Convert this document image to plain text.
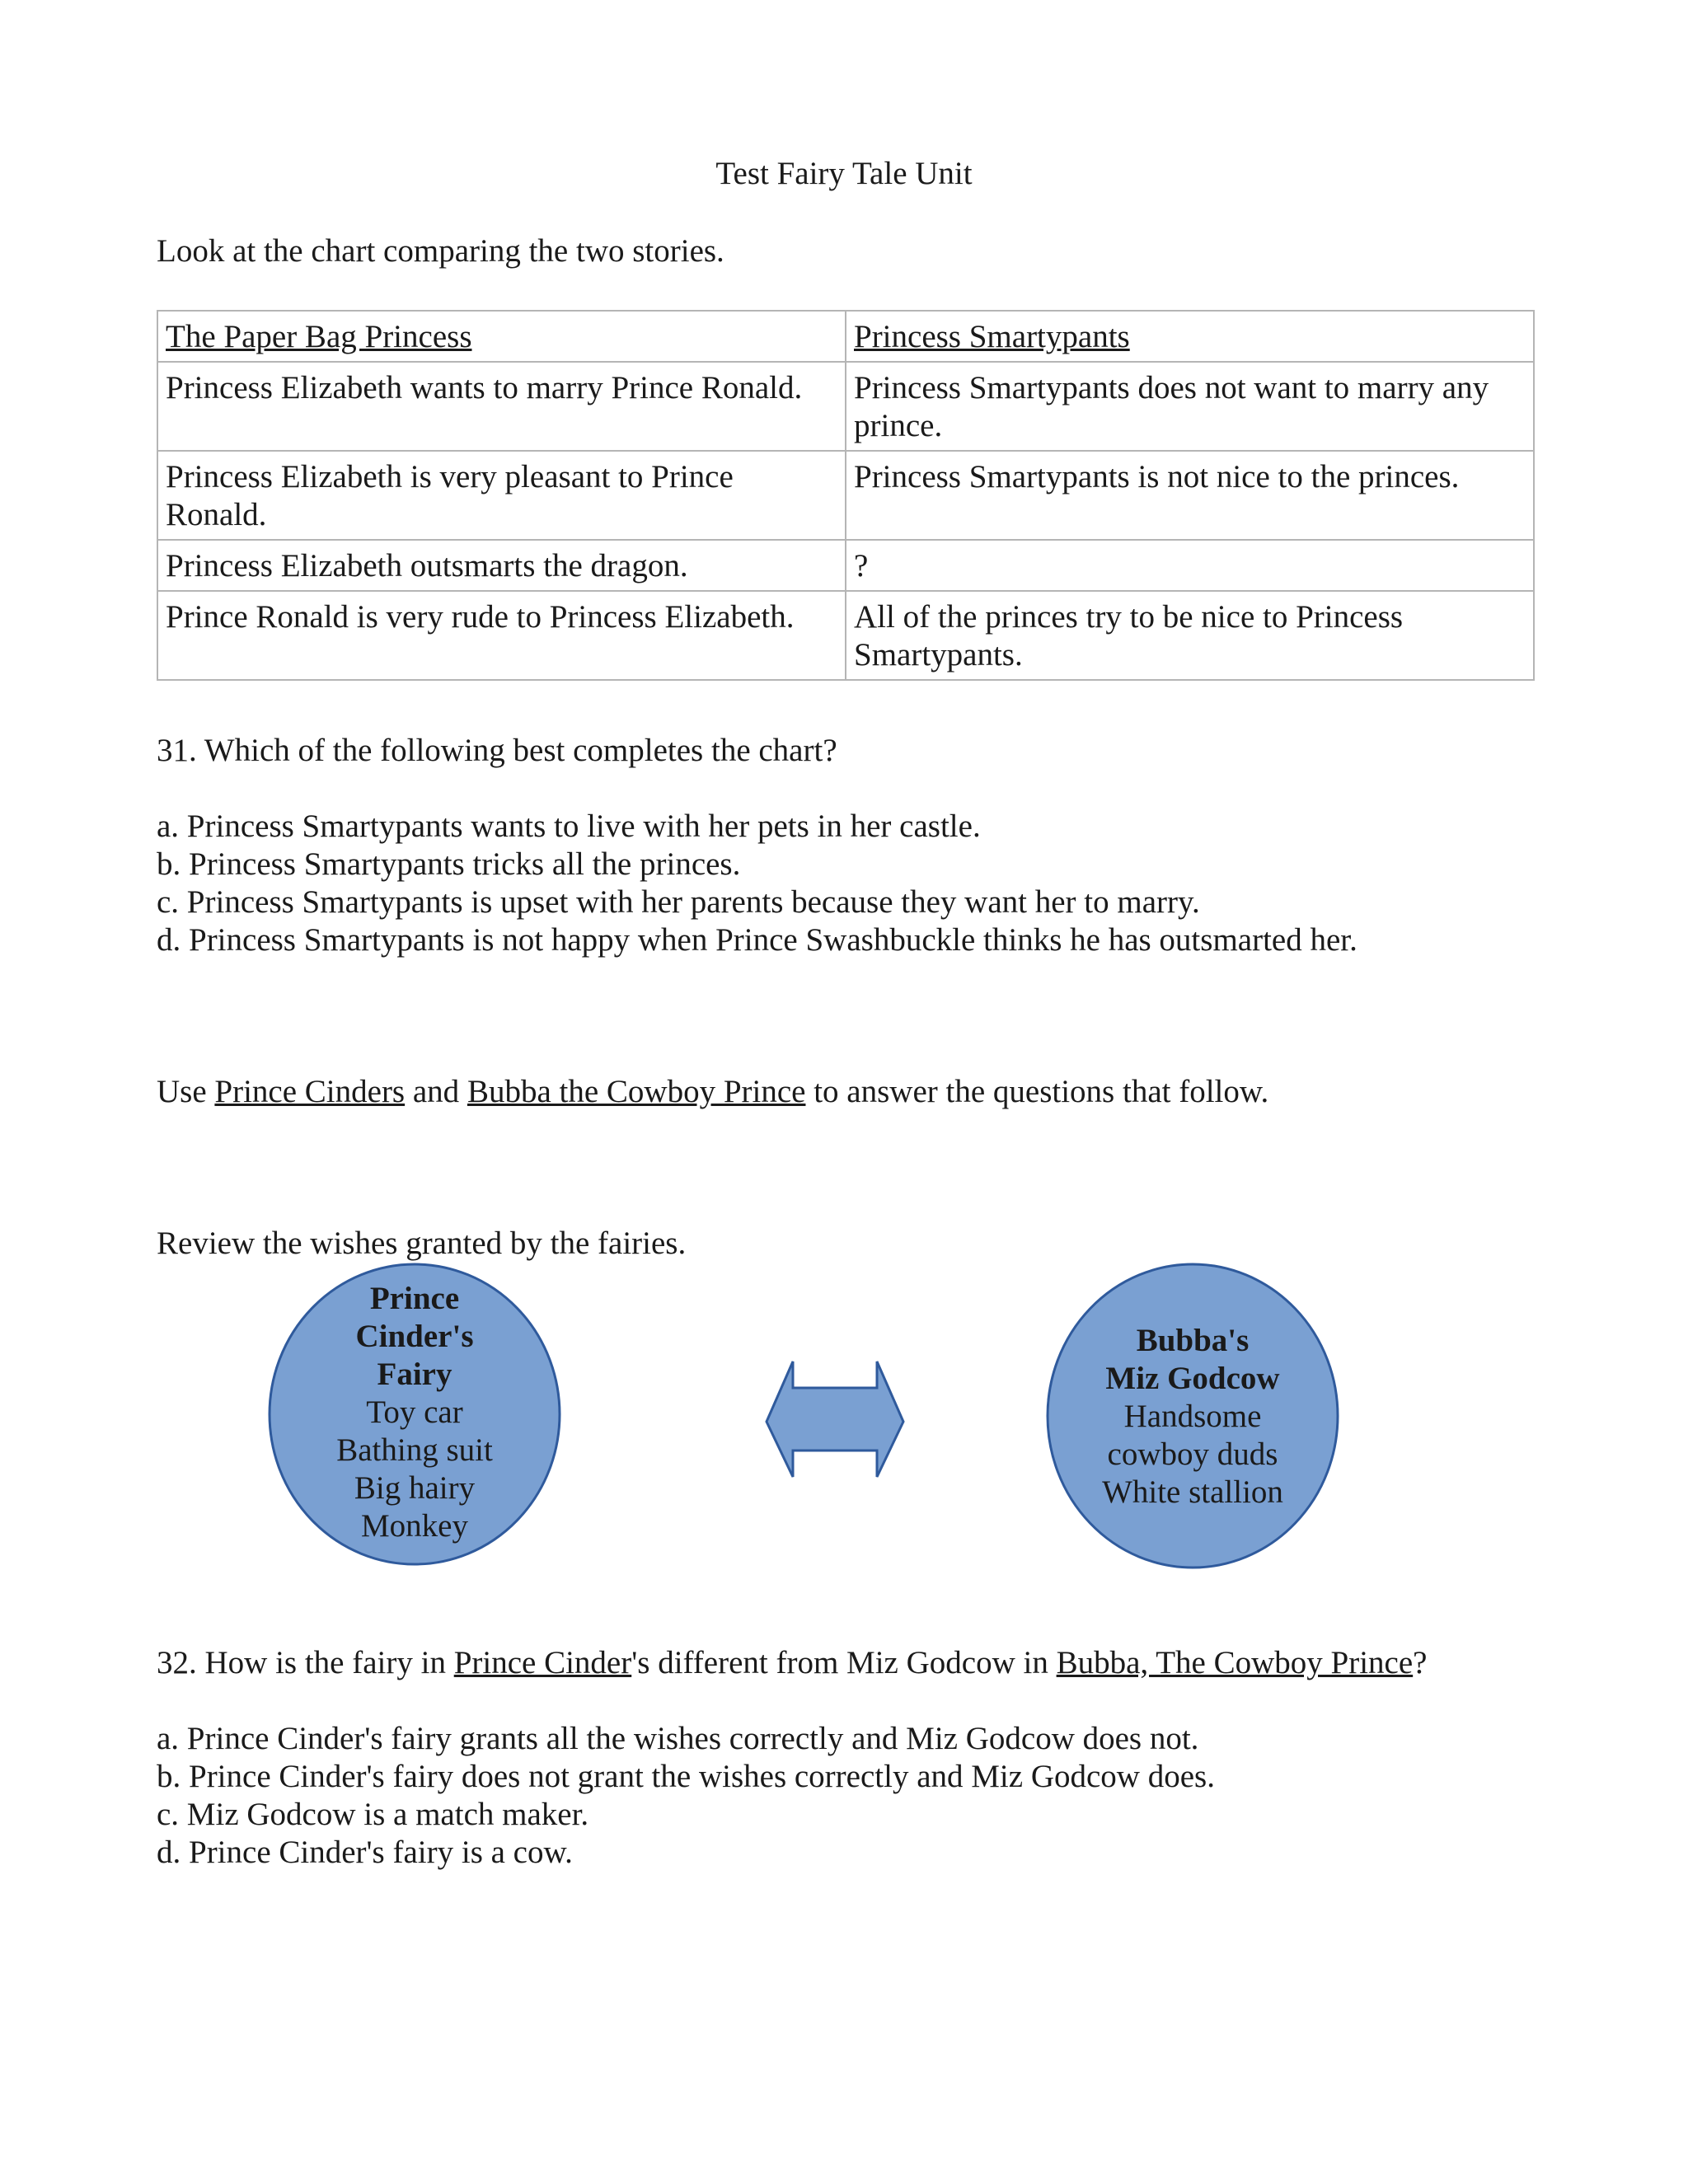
Test Fairy Tale Unit
Look at the chart comparing the two stories.
The Paper Bag Princess	Princess Smartypants
Princess Elizabeth wants to marry Prince Ronald.	Princess Smartypants does not want to marry any prince.
Princess Elizabeth is very pleasant to Prince Ronald.	Princess Smartypants is not nice to the princes.
Princess Elizabeth outsmarts the dragon.	?
Prince Ronald is very rude to Princess Elizabeth.	All of the princes try to be nice to Princess Smartypants.
31. Which of the following best completes the chart?
a. Princess Smartypants wants to live with her pets in her castle.
b. Princess Smartypants tricks all the princes.
c. Princess Smartypants is upset with her parents because they want her to marry.
d. Princess Smartypants is not happy when Prince Swashbuckle thinks he has outsmarted her.
Use Prince Cinders and Bubba the Cowboy Prince to answer the questions that follow.
Review the wishes granted by the fairies.
Prince
Cinder's
Fairy
Toy car
Bathing suit
Big hairy
Monkey
Bubba's
Miz Godcow
Handsome
cowboy duds
White stallion
32. How is the fairy in Prince Cinder's different from Miz Godcow in Bubba, The Cowboy Prince?
a. Prince Cinder's fairy grants all the wishes correctly and Miz Godcow does not.
b. Prince Cinder's fairy does not grant the wishes correctly and Miz Godcow does.
c. Miz Godcow is a match maker.
d. Prince Cinder's fairy is a cow.
